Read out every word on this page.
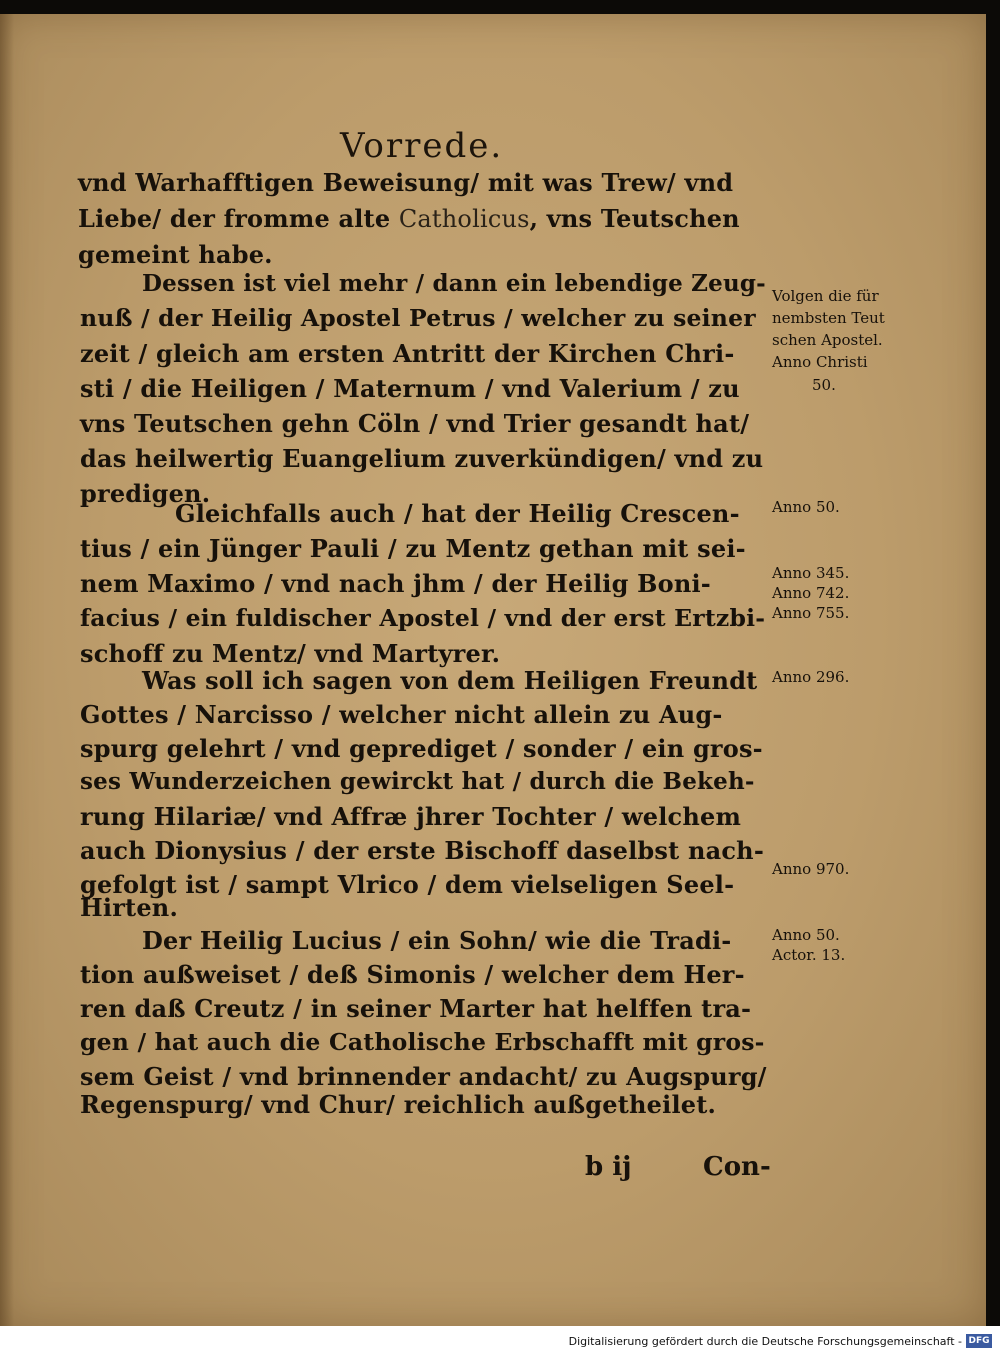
Vorrede.
vnd Warhafftigen Beweisung/ mit was Trew/ vnd
Liebe/ der fromme alte Catholicus, vns Teutschen
gemeint habe.
Dessen ist viel mehr / dann ein lebendige Zeug-
nuß / der Heilig Apostel Petrus / welcher zu seiner
zeit / gleich am ersten Antritt der Kirchen Chri-
sti / die Heiligen / Maternum / vnd Valerium / zu
vns Teutschen gehn Cöln / vnd Trier gesandt hat/
das heilwertig Euangelium zuverkündigen/ vnd zu
predigen.
Gleichfalls auch / hat der Heilig Crescen-
tius / ein Jünger Pauli / zu Mentz gethan mit sei-
nem Maximo / vnd nach jhm / der Heilig Boni-
facius / ein fuldischer Apostel / vnd der erst Ertzbi-
schoff zu Mentz/ vnd Martyrer.
Was soll ich sagen von dem Heiligen Freundt
Gottes / Narcisso / welcher nicht allein zu Aug-
spurg gelehrt / vnd geprediget / sonder / ein gros-
ses Wunderzeichen gewirckt hat / durch die Bekeh-
rung Hilariæ/ vnd Affræ jhrer Tochter / welchem
auch Dionysius / der erste Bischoff daselbst nach-
gefolgt ist / sampt Vlrico / dem vielseligen Seel-
Hirten.
Der Heilig Lucius / ein Sohn/ wie die Tradi-
tion außweiset / deß Simonis / welcher dem Her-
ren daß Creutz / in seiner Marter hat helffen tra-
gen / hat auch die Catholische Erbschafft mit gros-
sem Geist / vnd brinnender andacht/ zu Augspurg/
Regenspurg/ vnd Chur/ reichlich außgetheilet.
Volgen die für
nembsten Teut
schen Apostel.
Anno Christi
50.
Anno 50.
Anno 345.
Anno 742.
Anno 755.
Anno 296.
Anno 970.
Anno 50.
Actor. 13.
b ij	Con-
Digitalisierung gefördert durch die Deutsche Forschungsgemeinschaft - DFG
